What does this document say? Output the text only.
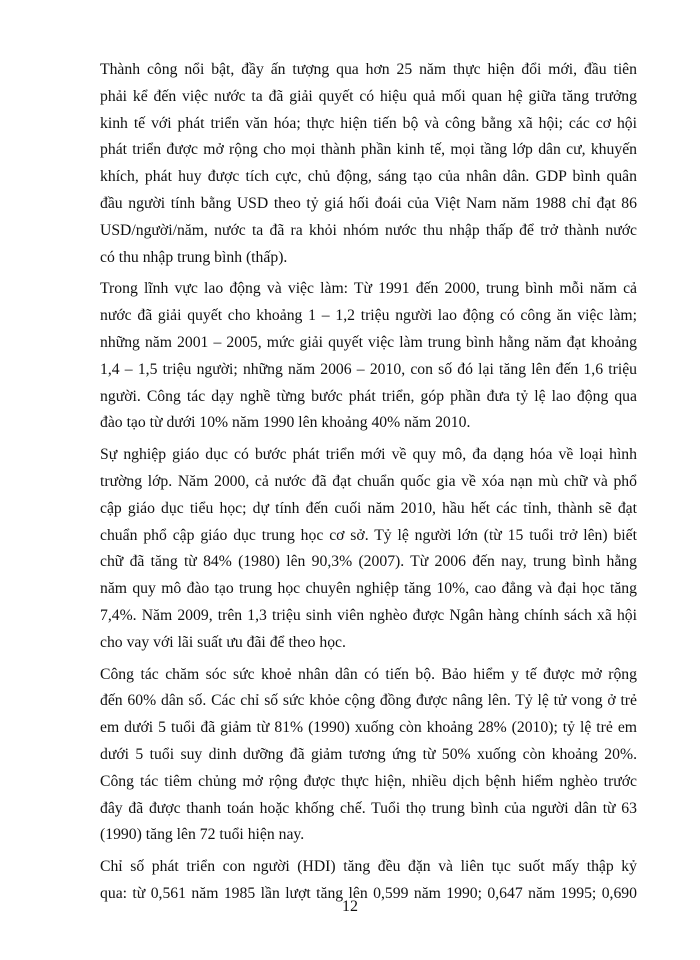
Thành công nổi bật, đầy ấn tượng qua hơn 25 năm thực hiện đổi mới, đầu tiên
phải kể đến việc nước ta đã giải quyết có hiệu quả mối quan hệ giữa tăng trưởng
kinh tế với phát triển văn hóa; thực hiện tiến bộ và công bằng xã hội; các cơ hội
phát triển được mở rộng cho mọi thành phần kinh tế, mọi tầng lớp dân cư, khuyến
khích, phát huy được tích cực, chủ động, sáng tạo của nhân dân. GDP bình quân
đầu người tính bằng USD theo tỷ giá hối đoái của Việt Nam năm 1988 chỉ đạt 86
USD/người/năm, nước ta đã ra khỏi nhóm nước thu nhập thấp để trở thành nước
có thu nhập trung bình (thấp).
Trong lĩnh vực lao động và việc làm: Từ 1991 đến 2000, trung bình mỗi năm cả
nước đã giải quyết cho khoảng 1 – 1,2 triệu người lao động có công ăn việc làm;
những năm 2001 – 2005, mức giải quyết việc làm trung bình hằng năm đạt khoảng
1,4 – 1,5 triệu người; những năm 2006 – 2010, con số đó lại tăng lên đến 1,6 triệu
người. Công tác dạy nghề từng bước phát triển, góp phần đưa tỷ lệ lao động qua
đào tạo từ dưới 10% năm 1990 lên khoảng 40% năm 2010.
Sự nghiệp giáo dục có bước phát triển mới về quy mô, đa dạng hóa về loại hình
trường lớp. Năm 2000, cả nước đã đạt chuẩn quốc gia về xóa nạn mù chữ và phổ
cập giáo dục tiểu học; dự tính đến cuối năm 2010, hầu hết các tỉnh, thành sẽ đạt
chuẩn phổ cập giáo dục trung học cơ sở. Tỷ lệ người lớn (từ 15 tuổi trở lên) biết
chữ đã tăng từ 84% (1980) lên 90,3% (2007). Từ 2006 đến nay, trung bình hằng
năm quy mô đào tạo trung học chuyên nghiệp tăng 10%, cao đẳng và đại học tăng
7,4%. Năm 2009, trên 1,3 triệu sinh viên nghèo được Ngân hàng chính sách xã hội
cho vay với lãi suất ưu đãi để theo học.
Công tác chăm sóc sức khoẻ nhân dân có tiến bộ. Bảo hiểm y tế được mở rộng
đến 60% dân số. Các chỉ số sức khỏe cộng đồng được nâng lên. Tỷ lệ tử vong ở trẻ
em dưới 5 tuổi đã giảm từ 81% (1990) xuống còn khoảng 28% (2010); tỷ lệ trẻ em
dưới 5 tuổi suy dinh dưỡng đã giảm tương ứng từ 50% xuống còn khoảng 20%.
Công tác tiêm chủng mở rộng được thực hiện, nhiều dịch bệnh hiểm nghèo trước
đây đã được thanh toán hoặc khống chế. Tuổi thọ trung bình của người dân từ 63
(1990) tăng lên 72 tuổi hiện nay.
Chỉ số phát triển con người (HDI) tăng đều đặn và liên tục suốt mấy thập kỷ
qua: từ 0,561 năm 1985 lần lượt tăng lên 0,599 năm 1990; 0,647 năm 1995; 0,690
12
